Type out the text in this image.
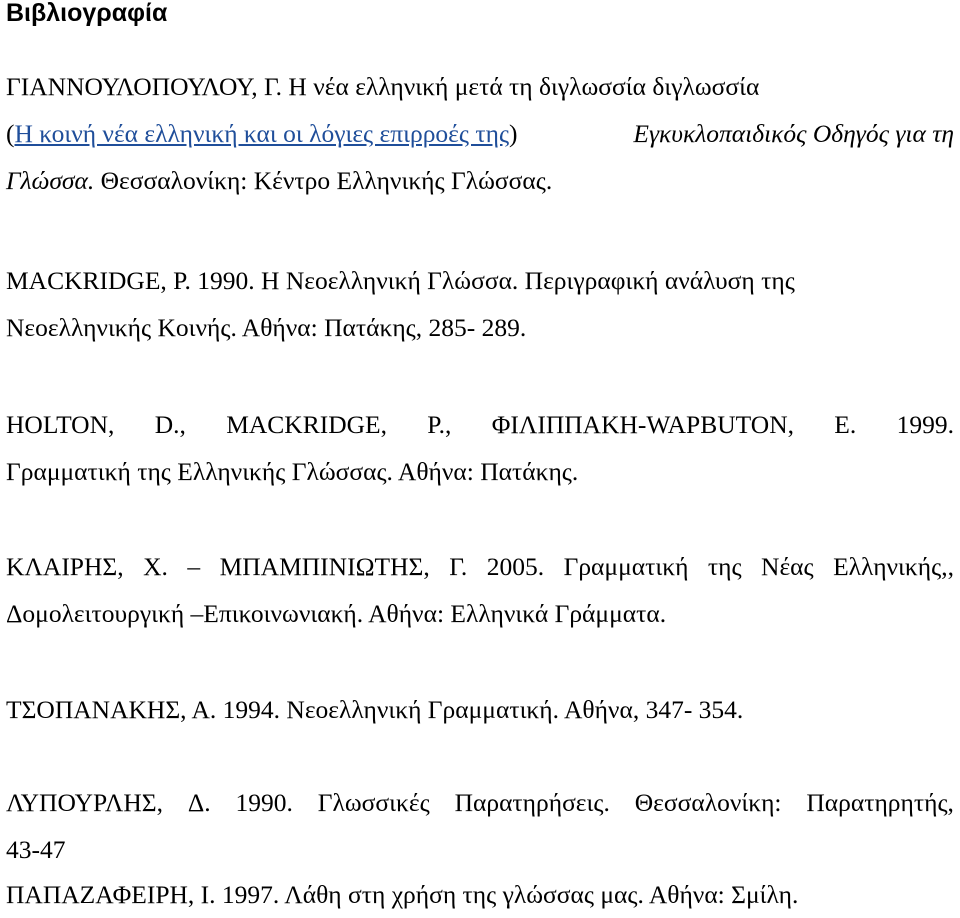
Βιβλιογραφία

ΓΙΑΝΝΟΥΛΟΠΟΥΛΟΥ, Γ. Η νέα ελληνική μετά τη διγλωσσία διγλωσσία
(Η κοινή νέα ελληνική και οι λόγιες επιρροές της)	Εγκυκλοπαιδικός Οδηγός για τη
Γλώσσα. Θεσσαλονίκη: Κέντρο Ελληνικής Γλώσσας.

MACKRIDGE, P. 1990. Η Νεοελληνική Γλώσσα. Περιγραφική ανάλυση της
Νεοελληνικής Κοινής. Αθήνα: Πατάκης, 285- 289.

HOLTON, D., MACKRIDGE, P., ΦΙΛΙΠΠΑΚΗ-WAPBUTON, E. 1999.
Γραμματική της Ελληνικής Γλώσσας. Αθήνα: Πατάκης.

ΚΛΑΙΡΗΣ, Χ. – ΜΠΑΜΠΙΝΙΩΤΗΣ, Γ. 2005. Γραμματική της Νέας Ελληνικής,,
Δομολειτουργική –Επικοινωνιακή. Αθήνα: Ελληνικά Γράμματα.

ΤΣΟΠΑΝΑΚΗΣ, Α. 1994. Νεοελληνική Γραμματική. Αθήνα, 347- 354.

ΛΥΠΟΥΡΛΗΣ, Δ. 1990. Γλωσσικές Παρατηρήσεις. Θεσσαλονίκη: Παρατηρητής,
43-47

ΠΑΠΑΖΑΦΕΙΡΗ, Ι. 1997. Λάθη στη χρήση της γλώσσας μας. Αθήνα: Σμίλη.
